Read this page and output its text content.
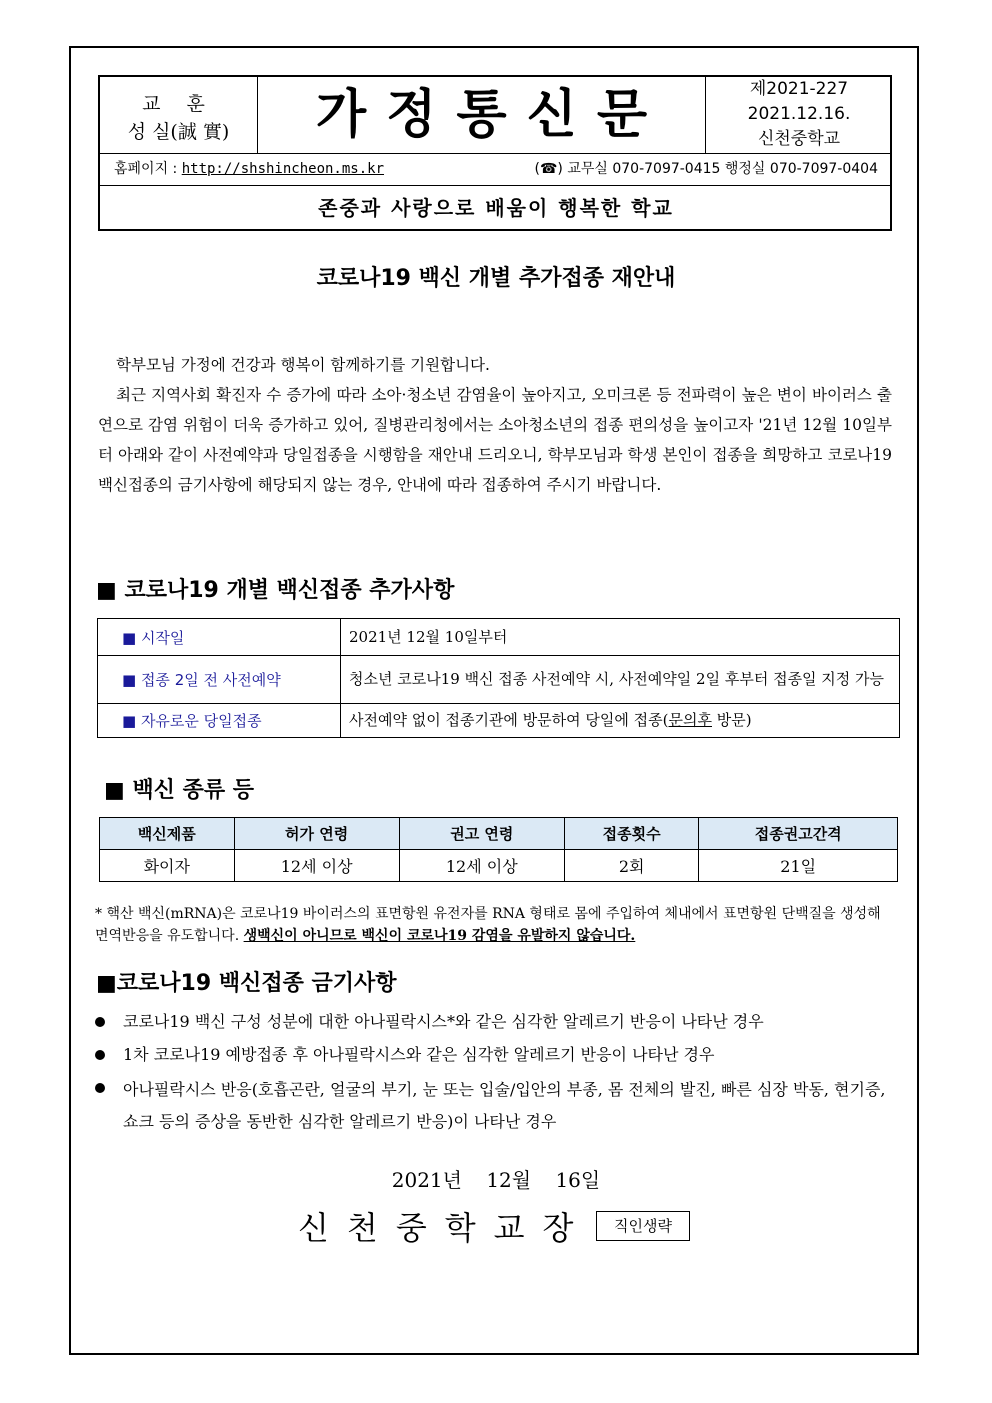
교 훈
성 실(誠 實)	가정통신문	제2021-227
2021.12.16.
신천중학교
홈페이지 : http://shshincheon.ms.kr	(☎) 교무실 070-7097-0415 행정실 070-7097-0404
존중과 사랑으로 배움이 행복한 학교
코로나19 백신 개별 추가접종 재안내

학부모님 가정에 건강과 행복이 함께하기를 기원합니다.

최근 지역사회 확진자 수 증가에 따라 소아·청소년 감염율이 높아지고, 오미크론 등 전파력이 높은 변이 바이러스 출연으로 감염 위험이 더욱 증가하고 있어, 질병관리청에서는 소아청소년의 접종 편의성을 높이고자 '21년 12월 10일부터 아래와 같이 사전예약과 당일접종을 시행함을 재안내 드리오니, 학부모님과 학생 본인이 접종을 희망하고 코로나19 백신접종의 금기사항에 해당되지 않는 경우, 안내에 따라 접종하여 주시기 바랍니다.

■ 코로나19 개별 백신접종 추가사항
■ 시작일	2021년 12월 10일부터
■ 접종 2일 전 사전예약	청소년 코로나19 백신 접종 사전예약 시, 사전예약일 2일 후부터 접종일 지정 가능
■ 자유로운 당일접종	사전예약 없이 접종기관에 방문하여 당일에 접종(문의후 방문)
■ 백신 종류 등
백신제품	허가 연령	권고 연령	접종횟수	접종권고간격
화이자	12세 이상	12세 이상	2회	21일
* 핵산 백신(mRNA)은 코로나19 바이러스의 표면항원 유전자를 RNA 형태로 몸에 주입하여 체내에서 표면항원 단백질을 생성해 면역반응을 유도합니다. 생백신이 아니므로 백신이 코로나19 감염을 유발하지 않습니다.
■코로나19 백신접종 금기사항
코로나19 백신 구성 성분에 대한 아나필락시스*와 같은 심각한 알레르기 반응이 나타난 경우
1차 코로나19 예방접종 후 아나필락시스와 같은 심각한 알레르기 반응이 나타난 경우
아나필락시스 반응(호흡곤란, 얼굴의 부기, 눈 또는 입술/입안의 부종, 몸 전체의 발진, 빠른 심장 박동, 현기증, 쇼크 등의 증상을 동반한 심각한 알레르기 반응)이 나타난 경우
2021년 12월 16일
신천중학교장	직인생략
